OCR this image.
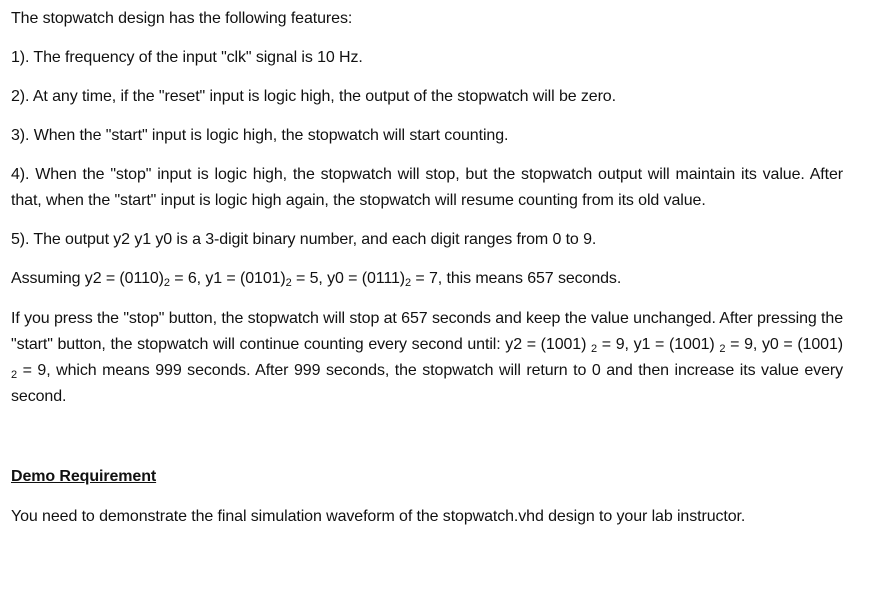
The stopwatch design has the following features:

1). The frequency of the input "clk" signal is 10 Hz.

2). At any time, if the "reset" input is logic high, the output of the stopwatch will be zero.

3). When the "start" input is logic high, the stopwatch will start counting.

4). When the "stop" input is logic high, the stopwatch will stop, but the stopwatch output will maintain its value. After that, when the "start" input is logic high again, the stopwatch will resume counting from its old value.

5). The output y2 y1 y0 is a 3-digit binary number, and each digit ranges from 0 to 9.

Assuming $y2 = (0110)_2 = 6$, $y1 = (0101)_2 = 5$, $y0 = (0111)_2 = 7$, this means 657 seconds.

If you press the "stop" button, the stopwatch will stop at 657 seconds and keep the value unchanged. After pressing the "start" button, the stopwatch will continue counting every second until: y2 = (1001) $_2$ = 9, y1 = (1001) $_2$ = 9, y0 = (1001) $_2$ = 9, which means 999 seconds. After 999 seconds, the stopwatch will return to 0 and then increase its value every second.

Demo Requirement

You need to demonstrate the final simulation waveform of the stopwatch.vhd design to your lab instructor.
